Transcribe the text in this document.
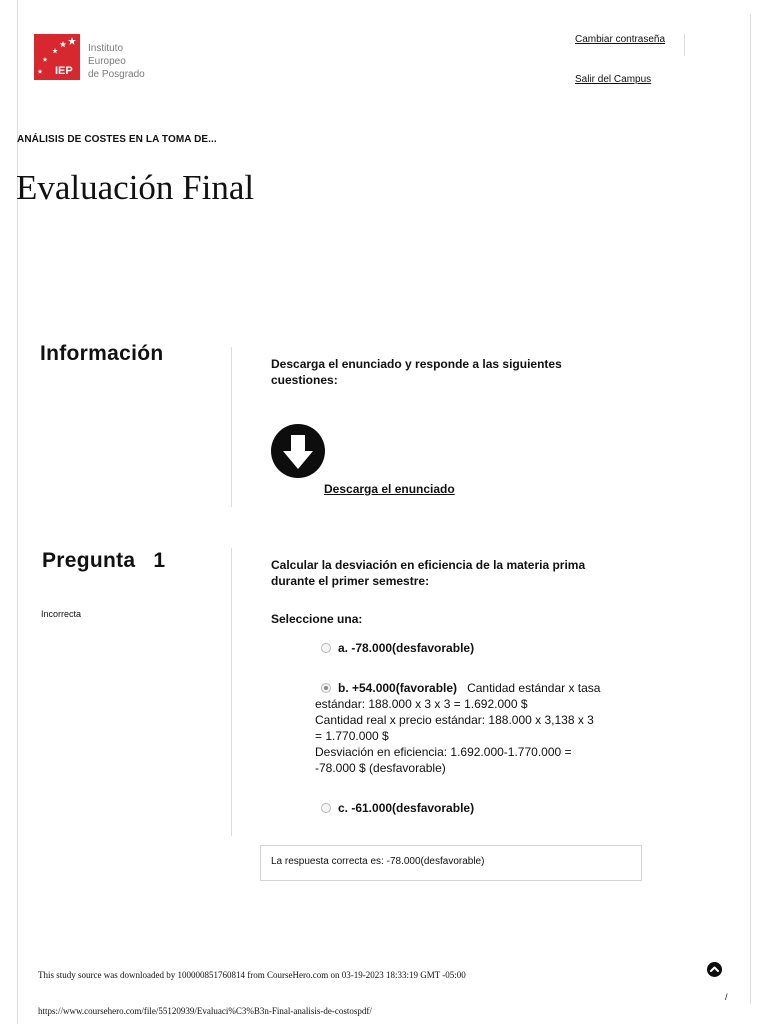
IEP
Instituto
Europeo
de Posgrado
Cambiar contraseña
Salir del Campus
ANÁLISIS DE COSTES EN LA TOMA DE...
Evaluación Final
Información	Descarga el enunciado y responde a las siguientes
cuestiones:
Descarga el enunciado
Pregunta 1
Incorrecta
Calcular la desviación en eficiencia de la materia prima
durante el primer semestre:
Seleccione una:
a. -78.000(desfavorable)
b. +54.000(favorable) Cantidad estándar x tasa
estándar: 188.000 x 3 x 3 = 1.692.000 $
Cantidad real x precio estándar: 188.000 x 3,138 x 3
= 1.770.000 $
Desviación en eficiencia: 1.692.000-1.770.000 =
-78.000 $ (desfavorable)
c. -61.000(desfavorable)
La respuesta correcta es: -78.000(desfavorable)
This study source was downloaded by 100000851760814 from CourseHero.com on 03-19-2023 18:33:19 GMT -05:00
/
https://www.coursehero.com/file/55120939/Evaluaci%C3%B3n-Final-analisis-de-costospdf/
